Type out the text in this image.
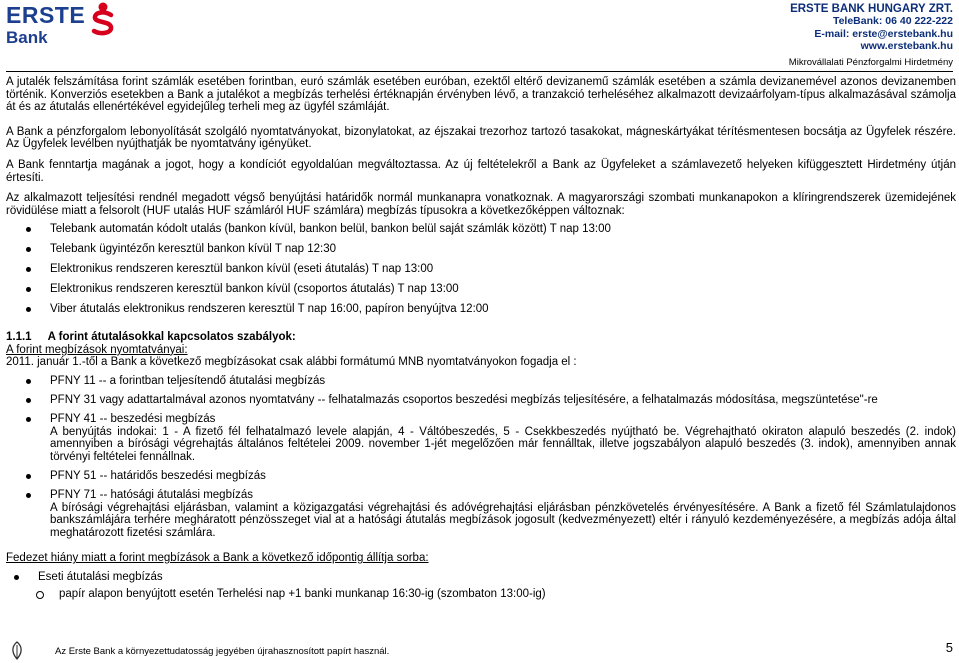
ERSTE
Bank
ERSTE BANK HUNGARY ZRT.
TeleBank: 06 40 222-222
E-mail: erste@erstebank.hu
www.erstebank.hu
Mikrovállalati Pénzforgalmi Hirdetmény

A jutalék felszámítása forint számlák esetében forintban, euró számlák esetében euróban, ezektől eltérő devizanemű számlák esetében a számla devizanemével azonos devizanemben történik. Konverziós esetekben a Bank a jutalékot a megbízás terhelési értéknapján érvényben lévő, a tranzakció terheléséhez alkalmazott devizaárfolyam-típus alkalmazásával számolja át és az átutalás ellenértékével egyidejűleg terheli meg az ügyfél számláját.

A Bank a pénzforgalom lebonyolítását szolgáló nyomtatványokat, bizonylatokat, az éjszakai trezorhoz tartozó tasakokat, mágneskártyákat térítésmentesen bocsátja az Ügyfelek részére. Az Ügyfelek levélben nyújthatják be nyomtatvány igényüket.

A Bank fenntartja magának a jogot, hogy a kondíciót egyoldalúan megváltoztassa. Az új feltételekről a Bank az Ügyfeleket a számlavezető helyeken kifüggesztett Hirdetmény útján értesíti.

Az alkalmazott teljesítési rendnél megadott végső benyújtási határidők normál munkanapra vonatkoznak. A magyarországi szombati munkanapokon a klíringrendszerek üzemidejének rövidülése miatt a felsorolt (HUF utalás HUF számláról HUF számlára) megbízás típusokra a következőképpen változnak:

Telebank automatán kódolt utalás (bankon kívül, bankon belül, bankon belül saját számlák között) T nap 13:00
Telebank ügyintézőn keresztül bankon kívül T nap 12:30
Elektronikus rendszeren keresztül bankon kívül (eseti átutalás) T nap 13:00
Elektronikus rendszeren keresztül bankon kívül (csoportos átutalás) T nap 13:00
Viber átutalás elektronikus rendszeren keresztül T nap 16:00, papíron benyújtva 12:00

1.1.1 A forint átutalásokkal kapcsolatos szabályok:

A forint megbízások nyomtatványai:

2011. január 1.-től a Bank a következő megbízásokat csak alábbi formátumú MNB nyomtatványokon fogadja el :

PFNY 11 -- a forintban teljesítendő átutalási megbízás
PFNY 31 vagy adattartalmával azonos nyomtatvány -- felhatalmazás csoportos beszedési megbízás teljesítésére, a felhatalmazás módosítása, megszüntetése"-re
PFNY 41 -- beszedési megbízás
A benyújtás indokai: 1 - A fizető fél felhatalmazó levele alapján, 4 - Váltóbeszedés, 5 - Csekkbeszedés nyújtható be. Végrehajtható okiraton alapuló beszedés (2. indok) amennyiben a bírósági végrehajtás általános feltételei 2009. november 1-jét megelőzően már fennálltak, illetve jogszabályon alapuló beszedés (3. indok), amennyiben annak törvényi feltételei fennállnak.
PFNY 51 -- határidős beszedési megbízás
PFNY 71 -- hatósági átutalási megbízás
A bírósági végrehajtási eljárásban, valamint a közigazgatási végrehajtási és adóvégrehajtási eljárásban pénzkövetelés érvényesítésére. A Bank a fizető fél Számlatulajdonos bankszámlájára terhére megháratott pénzösszeget vial at a hatósági átutalás megbízások jogosult (kedvezményezett) eltér i rányuló kezdeményezésére, a megbízás adója által meghatározott fizetési számlára.

Fedezet hiány miatt a forint megbízások a Bank a következő időpontig állítja sorba:

Eseti átutalási megbízás
papír alapon benyújtott esetén Terhelési nap +1 banki munkanap 16:30-ig (szombaton 13:00-ig)
Az Erste Bank a környezettudatosság jegyében újrahasznosított papírt használ.	5
